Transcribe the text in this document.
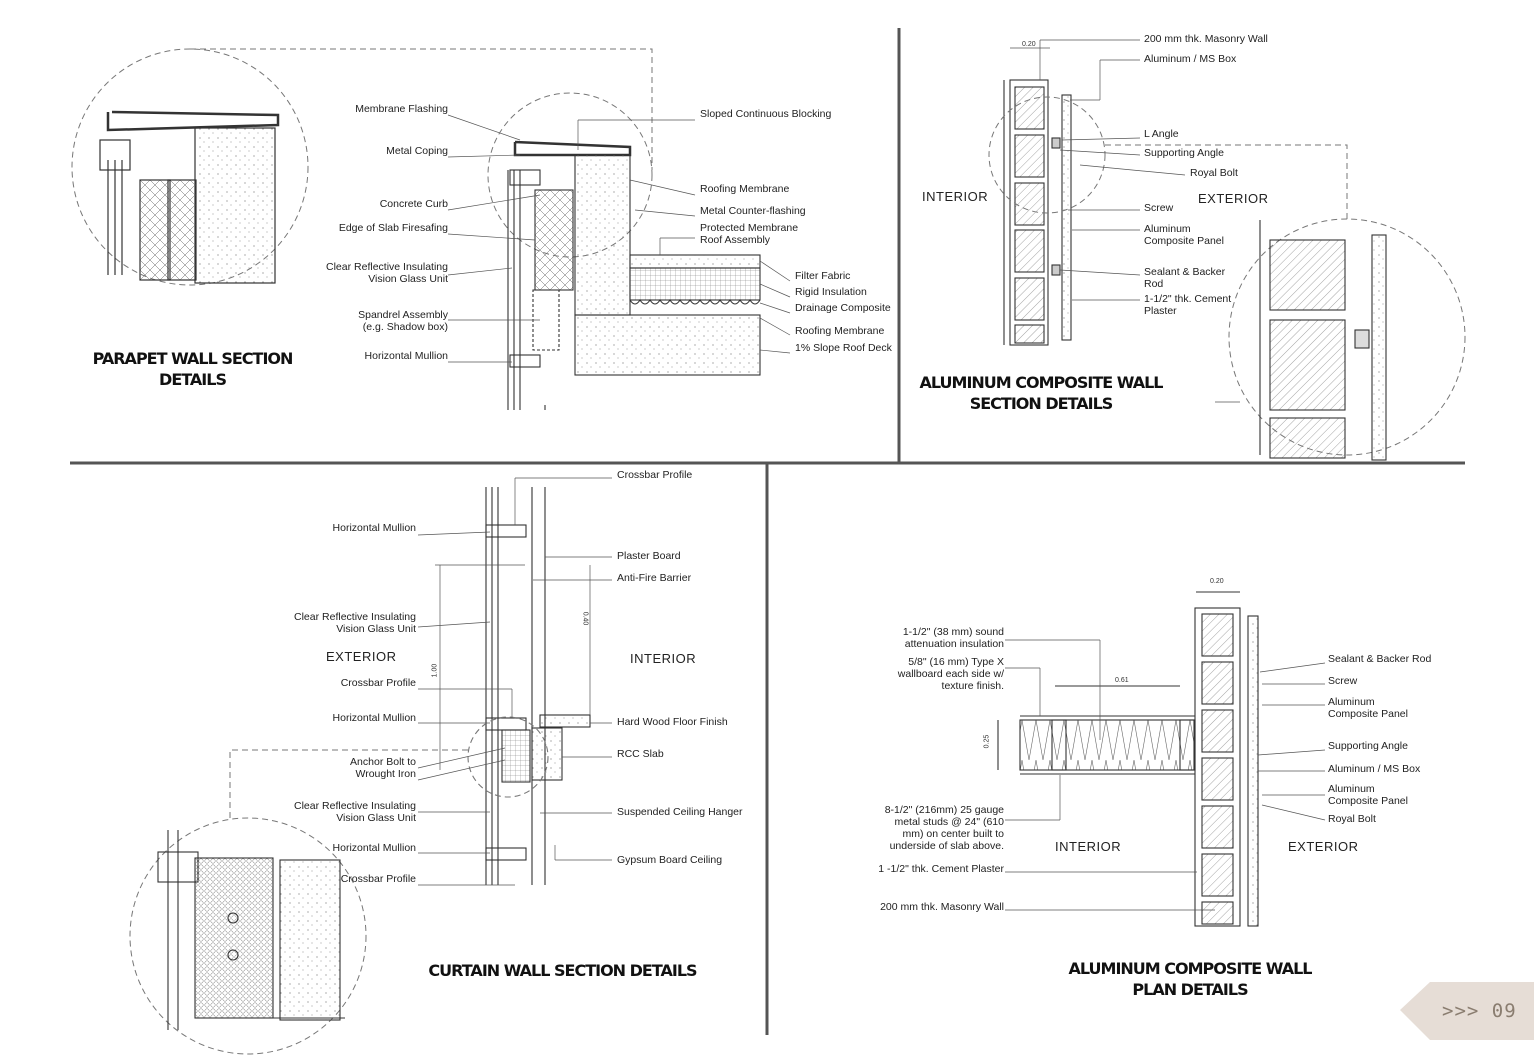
Membrane Flashing
Metal Coping
Concrete Curb
Edge of Slab Firesafing
Clear Reflective Insulating
Vision Glass Unit
Spandrel Assembly
(e.g. Shadow box)
Horizontal Mullion
Sloped Continuous Blocking
Roofing Membrane
Metal Counter-flashing
Protected Membrane
Roof Assembly
Filter Fabric
Rigid Insulation
Drainage Composite
Roofing Membrane
1% Slope Roof Deck
PARAPET WALL SECTION
DETAILS
0.20
INTERIOR	EXTERIOR
200 mm thk. Masonry Wall
Aluminum / MS Box
L Angle
Supporting Angle
Royal Bolt
Screw
Aluminum
Composite Panel
Sealant & Backer
Rod
1-1/2" thk. Cement
Plaster
ALUMINUM COMPOSITE WALL
SECTION DETAILS
EXTERIOR	INTERIOR
1.00
0.40
Horizontal Mullion
Clear Reflective Insulating
Vision Glass Unit
Crossbar Profile
Horizontal Mullion
Anchor Bolt to
Wrought Iron
Clear Reflective Insulating
Vision Glass Unit
Horizontal Mullion
Crossbar Profile
Crossbar Profile
Plaster Board
Anti-Fire Barrier
Hard Wood Floor Finish
RCC Slab
Suspended Ceiling Hanger
Gypsum Board Ceiling
CURTAIN WALL SECTION DETAILS
0.20
0.61
0.25
INTERIOR	EXTERIOR
1-1/2" (38 mm) sound
attenuation insulation
5/8" (16 mm) Type X
wallboard each side w/
texture finish.
8-1/2" (216mm) 25 gauge
metal studs @ 24" (610
mm) on center built to
underside of slab above.
1 -1/2" thk. Cement Plaster
200 mm thk. Masonry Wall
Sealant & Backer Rod
Screw
Aluminum
Composite Panel
Supporting Angle
Aluminum / MS Box
Aluminum
Composite Panel
Royal Bolt
ALUMINUM COMPOSITE WALL
PLAN DETAILS
>>> 09
